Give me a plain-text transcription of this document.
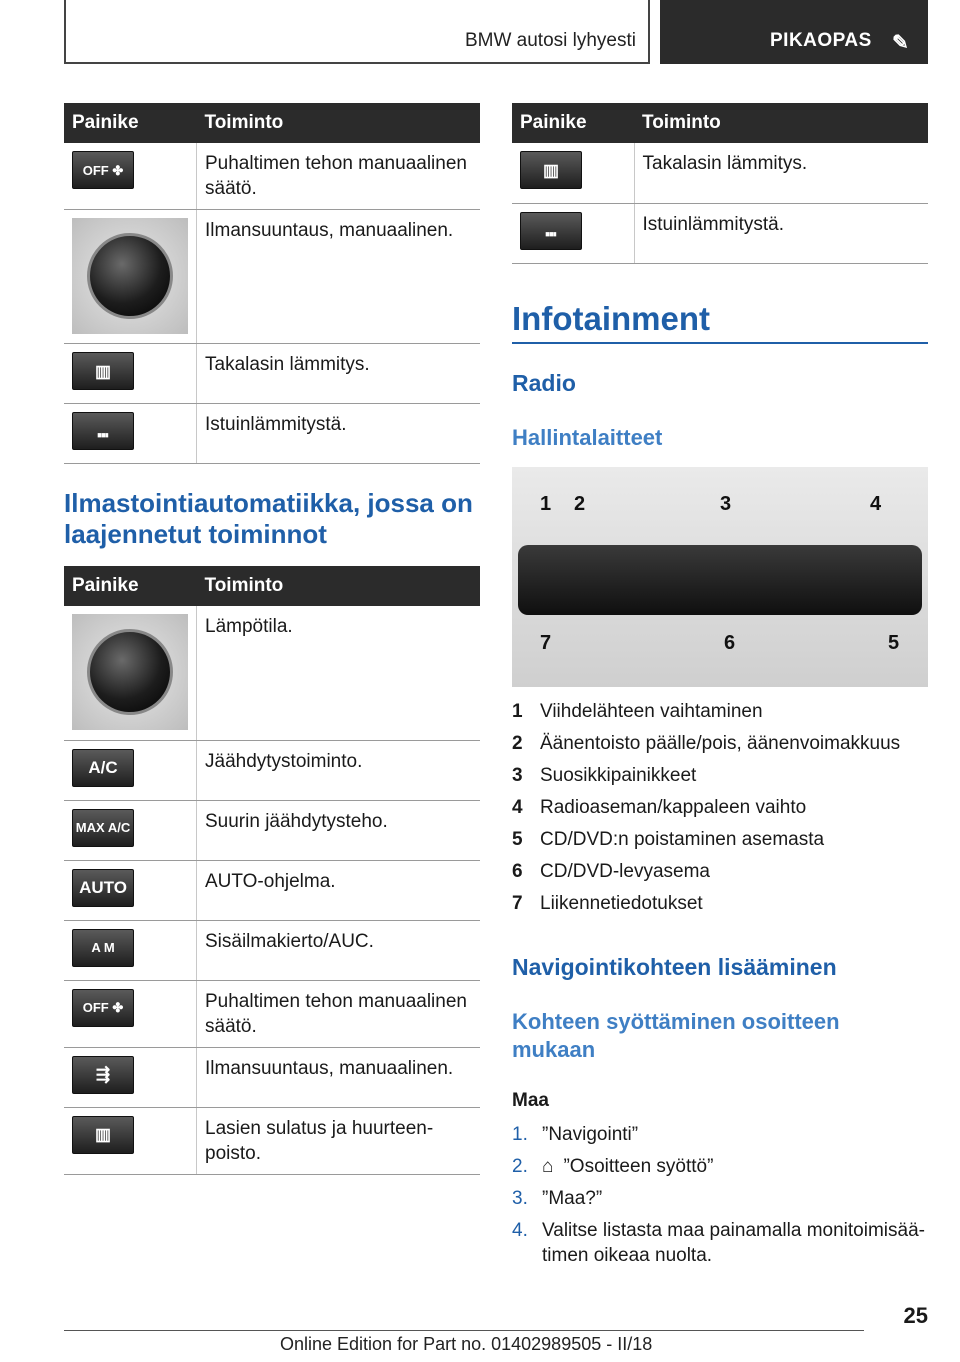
BMW autosi lyhyesti	PIKAOPAS ✎
Painike	Toiminto

OFF ✤	Puhaltimen tehon manuaalinen säätö.

	Ilmansuuntaus, manuaalinen.

▥	Takalasin lämmitys.

⑉	Istuinlämmitystä.
Ilmastointiautomatiikka, jossa on laajennetut toiminnot
Painike	Toiminto

	Lämpötila.

A/C	Jäähdytystoiminto.

MAX A/C	Suurin jäähdytysteho.

AUTO	AUTO-ohjelma.

A M	Sisäilmakierto/AUC.

OFF ✤	Puhaltimen tehon manuaalinen säätö.

⇶	Ilmansuuntaus, manuaalinen.

▥	Lasien sulatus ja huurteen-poisto.
Painike	Toiminto

▥	Takalasin lämmitys.

⑉	Istuinlämmitystä.
Infotainment
Radio
Hallintalaitteet
1 2	3	4
5
6
7
1 Viihdelähteen vaihtaminen
2 Äänentoisto päälle/pois, äänenvoimakkuus
3 Suosikkipainikkeet
4 Radioaseman/kappaleen vaihto
5 CD/DVD:n poistaminen asemasta
6 CD/DVD-levyasema
7 Liikennetiedotukset
Navigointikohteen lisääminen
Kohteen syöttäminen osoitteen mukaan
Maa
1. ”Navigointi”
2. ⌂ ”Osoitteen syöttö”
3. ”Maa?”
4. Valitse listasta maa painamalla monitoimisää-timen oikeaa nuolta.
25
Online Edition for Part no. 01402989505 - II/18
